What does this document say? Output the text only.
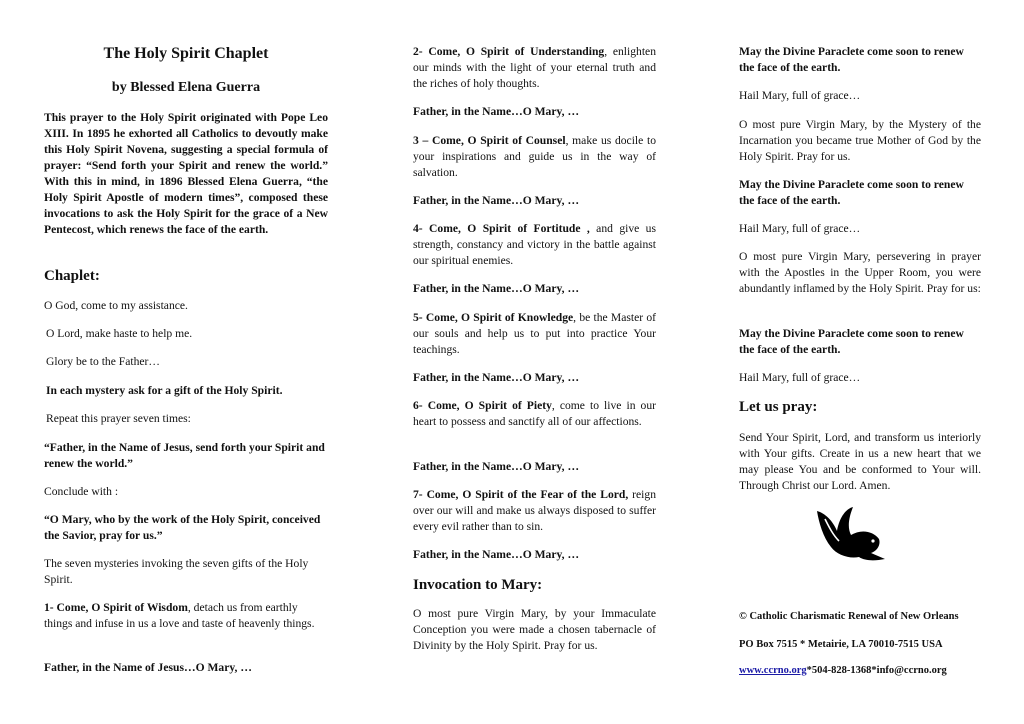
The Holy Spirit Chaplet
by Blessed Elena Guerra

This prayer to the Holy Spirit originated with Pope Leo XIII. In 1895 he exhorted all Catholics to devoutly make this Holy Spirit Novena, suggesting a special formula of prayer: “Send forth your Spirit and renew the world.” With this in mind, in 1896 Blessed Elena Guerra, “the Holy Spirit Apostle of modern times”, composed these invocations to ask the Holy Spirit for the grace of a New Pentecost, which renews the face of the earth.

Chaplet:

O God, come to my assistance.

O Lord, make haste to help me.

Glory be to the Father…

In each mystery ask for a gift of the Holy Spirit.

Repeat this prayer seven times:

“Father, in the Name of Jesus, send forth your Spirit and renew the world.”

Conclude with :

“O Mary, who by the work of the Holy Spirit, conceived the Savior, pray for us.”

The seven mysteries invoking the seven gifts of the Holy Spirit.

1- Come, O Spirit of Wisdom, detach us from earthly things and infuse in us a love and taste of heavenly things.

Father, in the Name of Jesus…O Mary, …

2- Come, O Spirit of Understanding, enlighten our minds with the light of your eternal truth and the riches of holy thoughts.

Father, in the Name…O Mary, …

3 – Come, O Spirit of Counsel, make us docile to your inspirations and guide us in the way of salvation.

Father, in the Name…O Mary, …

4- Come, O Spirit of Fortitude , and give us strength, constancy and victory in the battle against our spiritual enemies.

Father, in the Name…O Mary, …

5- Come, O Spirit of Knowledge, be the Master of our souls and help us to put into practice Your teachings.

Father, in the Name…O Mary, …

6- Come, O Spirit of Piety, come to live in our heart to possess and sanctify all of our affections.

Father, in the Name…O Mary, …

7- Come, O Spirit of the Fear of the Lord, reign over our will and make us always disposed to suffer every evil rather than to sin.

Father, in the Name…O Mary, …

Invocation to Mary:

O most pure Virgin Mary, by your Immaculate Conception you were made a chosen tabernacle of Divinity by the Holy Spirit. Pray for us.

May the Divine Paraclete come soon to renew the face of the earth.

Hail Mary, full of grace…

O most pure Virgin Mary, by the Mystery of the Incarnation you became true Mother of God by the Holy Spirit. Pray for us.

May the Divine Paraclete come soon to renew the face of the earth.

Hail Mary, full of grace…

O most pure Virgin Mary, persevering in prayer with the Apostles in the Upper Room, you were abundantly inflamed by the Holy Spirit. Pray for us:

May the Divine Paraclete come soon to renew the face of the earth.

Hail Mary, full of grace…

Let us pray:

Send Your Spirit, Lord, and transform us interiorly with Your gifts. Create in us a new heart that we may please You and be conformed to Your will. Through Christ our Lord. Amen.

© Catholic Charismatic Renewal of New Orleans

PO Box 7515 * Metairie, LA 70010-7515 USA

www.ccrno.org*504-828-1368*info@ccrno.org
